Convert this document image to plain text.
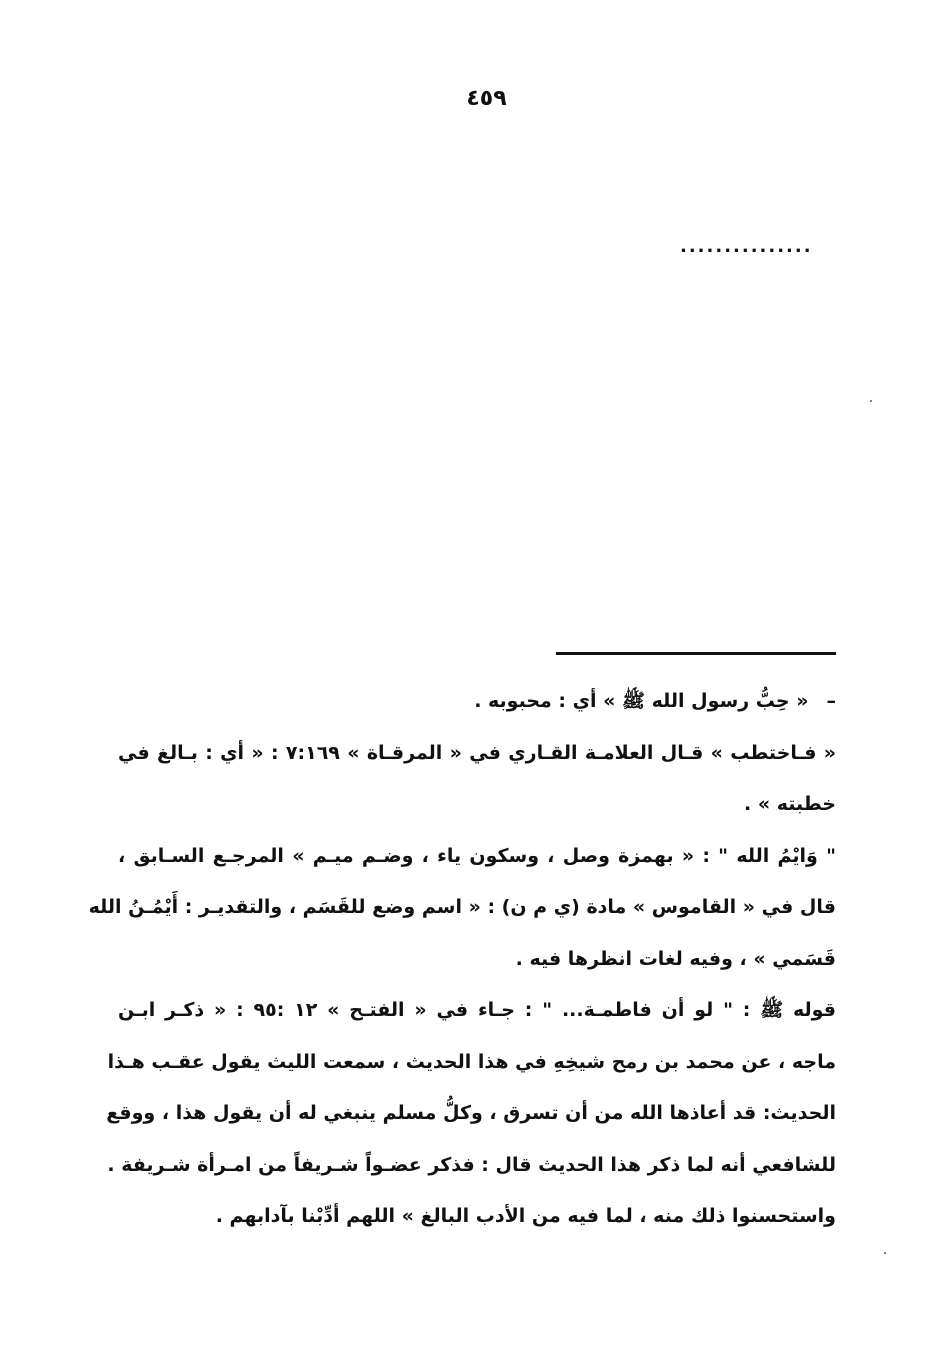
٤٥٩
...............

–« حِبُّ رسول الله ﷺ » أي : محبوبه .

« فـاختطب » قـال العلامـة القـاري في « المرقـاة » ٧:١٦٩ : « أي : بـالغ في
خطبته » .

" وَايْمُ الله " : « بهمزة وصل ، وسكون ياء ، وضـم ميـم » المرجـع السـابق ،
قال في « القاموس » مادة (ي م ن) : « اسم وضع للقَسَم ، والتقديـر : أَيْمُـنُ الله
قَسَمي » ، وفيه لغات انظرها فيه .

قوله ﷺ : " لو أن فاطمـة... " : جـاء في « الفتـح » ١٢ :٩٥ : « ذكـر ابـن
ماجه ، عن محمد بن رمح شيخِهِ في هذا الحديث ، سمعت الليث يقول عقـب هـذا
الحديث: قد أعاذها الله من أن تسرق ، وكلُّ مسلم ينبغي له أن يقول هذا ، ووقع
للشافعي أنه لما ذكر هذا الحديث قال : فذكر عضـواً شـريفاً من امـرأة شـريفة .
واستحسنوا ذلك منه ، لما فيه من الأدب البالغ » اللهم أدِّبْنا بآدابهم .
